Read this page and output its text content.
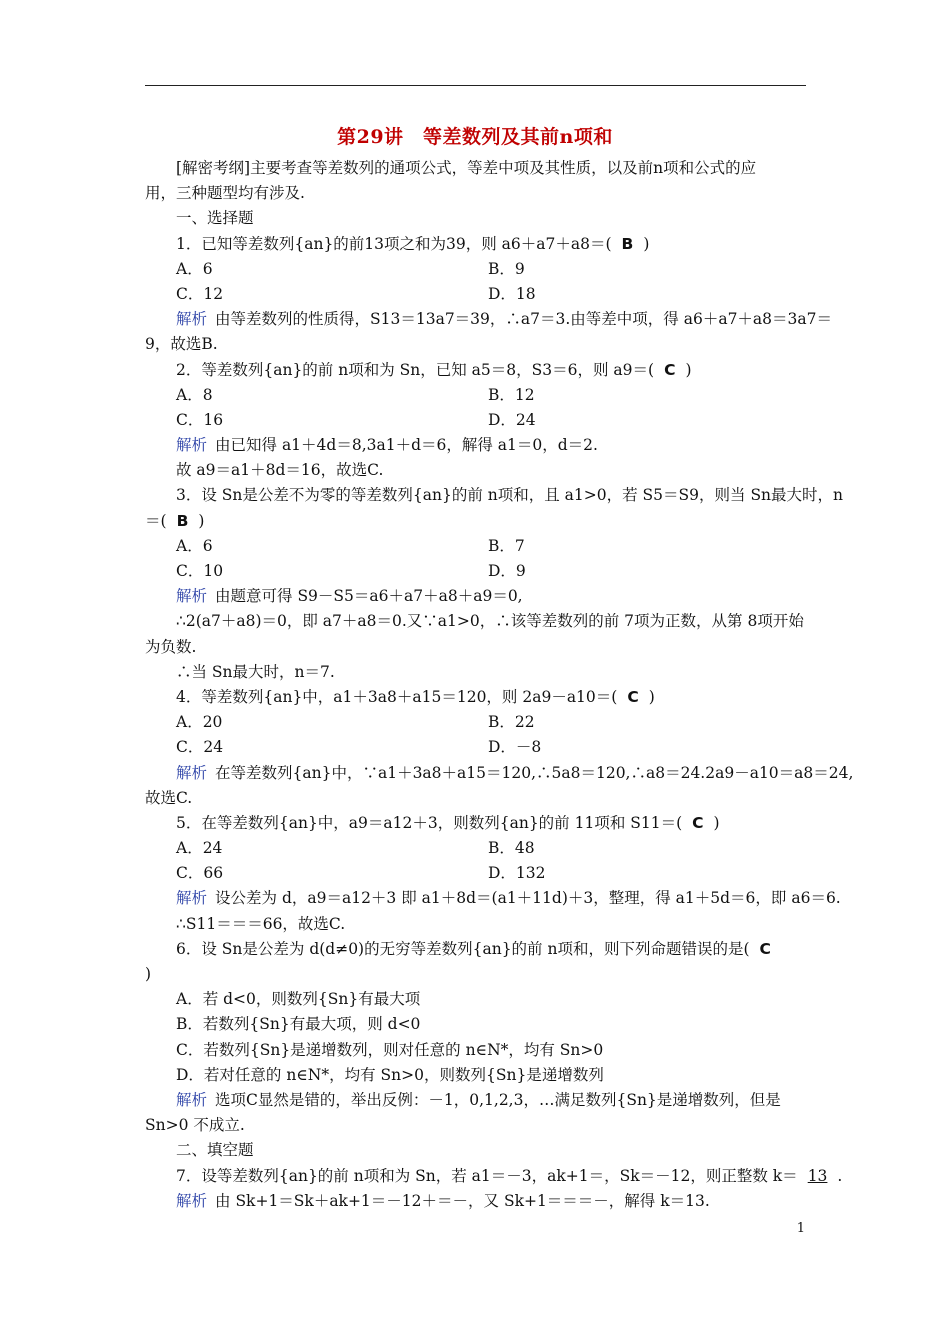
第29讲　等差数列及其前n项和
[解密考纲]主要考查等差数列的通项公式，等差中项及其性质，以及前n项和公式的应
用，三种题型均有涉及.
一、选择题
1．已知等差数列{an}的前13项之和为39，则 a6＋a7＋a8＝( B )
A．6	B．9
C．12	D．18
解析 由等差数列的性质得，S13＝13a7＝39，∴a7＝3.由等差中项，得 a6＋a7＋a8＝3a7＝
9，故选B.
2．等差数列{an}的前 n项和为 Sn，已知 a5＝8，S3＝6，则 a9＝( C )
A．8	B．12
C．16	D．24
解析 由已知得 a1＋4d＝8,3a1＋d＝6，解得 a1＝0，d＝2.
故 a9＝a1＋8d＝16，故选C.
3．设 Sn是公差不为零的等差数列{an}的前 n项和，且 a1>0，若 S5＝S9，则当 Sn最大时，n
＝( B )
A．6	B．7
C．10	D．9
解析 由题意可得 S9－S5＝a6＋a7＋a8＋a9＝0,
∴2(a7＋a8)＝0，即 a7＋a8＝0.又∵a1>0，∴该等差数列的前 7项为正数，从第 8项开始
为负数.
∴当 Sn最大时，n＝7.
4．等差数列{an}中，a1＋3a8＋a15＝120，则 2a9－a10＝( C )
A．20	B．22
C．24	D．－8
解析 在等差数列{an}中，∵a1＋3a8＋a15＝120,∴5a8＝120,∴a8＝24.2a9－a10＝a8＝24,
故选C.
5．在等差数列{an}中，a9＝a12＋3，则数列{an}的前 11项和 S11＝( C )
A．24	B．48
C．66	D．132
解析 设公差为 d，a9＝a12＋3 即 a1＋8d＝(a1＋11d)＋3，整理，得 a1＋5d＝6，即 a6＝6.
∴S11＝＝＝66，故选C.
6．设 Sn是公差为 d(d≠0)的无穷等差数列{an}的前 n项和，则下列命题错误的是( C
)
A．若 d<0，则数列{Sn}有最大项
B．若数列{Sn}有最大项，则 d<0
C．若数列{Sn}是递增数列，则对任意的 n∈N*，均有 Sn>0
D．若对任意的 n∈N*，均有 Sn>0，则数列{Sn}是递增数列
解析 选项C显然是错的，举出反例：－1，0,1,2,3，…满足数列{Sn}是递增数列，但是
Sn>0 不成立.
二、填空题
7．设等差数列{an}的前 n项和为 Sn，若 a1＝－3，ak+1＝，Sk＝－12，则正整数 k＝ 13 .
解析 由 Sk+1＝Sk＋ak+1＝－12＋＝－，又 Sk+1＝＝＝－，解得 k＝13.
1
